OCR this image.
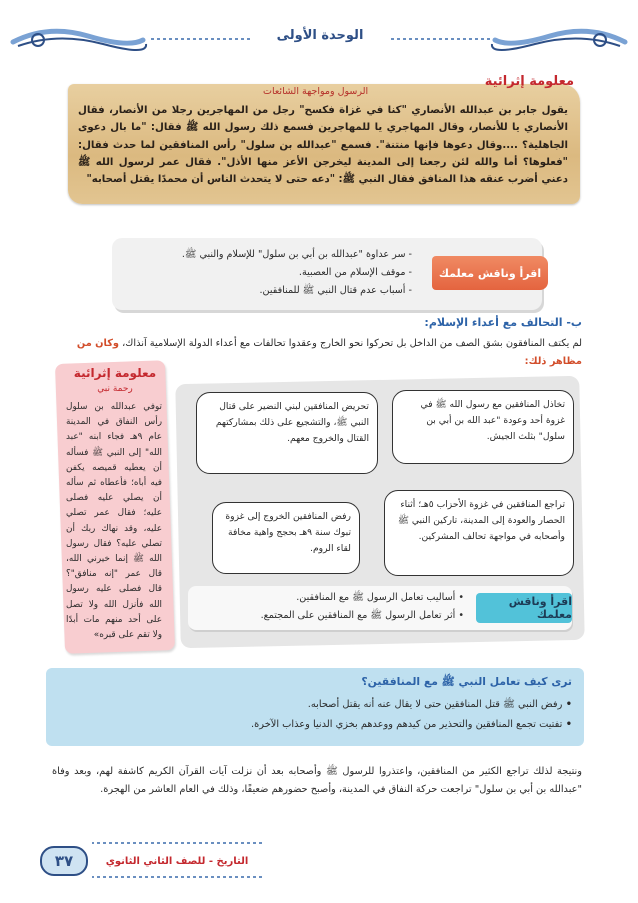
الوحدة الأولى
معلومة إثرائية
الرسول ومواجهة الشائعات
يقول جابر بن عبدالله الأنصاري "كنا في غزاة فكسح" رجل من المهاجرين رجلا من الأنصار، فقال الأنصاري يا للأنصار، وقال المهاجري يا للمهاجرين فسمع ذلك رسول الله ﷺ فقال: "ما بال دعوى الجاهلية؟ ....وقال دعوها فإنها منتنة". فسمع "عبدالله بن سلول" رأس المنافقين لما حدث فقال: "فعلوها؟ أما والله لئن رجعنا إلى المدينة ليخرجن الأعز منها الأذل". فقال عمر لرسول الله ﷺ دعني أضرب عنقه هذا المنافق فقال النبي ﷺ: "دعه حتى لا يتحدث الناس أن محمدًا يقتل أصحابه"
اقرأ وناقش معلمك
- سر عداوة "عبدالله بن أبي بن سلول" للإسلام والنبي ﷺ.
- موقف الإسلام من العصبية.
- أسباب عدم قتال النبي ﷺ للمنافقين.
ب- التحالف مع أعداء الإسلام:
لم يكتف المنافقون بشق الصف من الداخل بل تحركوا نحو الخارج وعقدوا تحالفات مع أعداء الدولة الإسلامية آنذاك، وكان من مظاهر ذلك:
معلومة إثرائية
رحمة نبي
توفي عبدالله بن سلول رأس النفاق في المدينة عام ٩هـ فجاء ابنه "عبد الله" إلى النبي ﷺ فسأله أن يعطيه قميصه يكفن فيه أباه؛ فأعطاه ثم سأله أن يصلي عليه فصلى عليه؛ فقال عمر تصلي عليه، وقد نهاك ربك أن تصلي عليه؟ فقال رسول الله ﷺ إنما خيرني الله، قال عمر "إنه منافق"؟ قال فصلى عليه رسول الله فأنزل الله ولا تصل على أحد منهم مات أبدًا ولا تقم على قبره»
تخاذل المنافقين مع رسول الله ﷺ في غزوة أحد وعودة "عبد الله بن أبي بن سلول" بثلث الجيش.
تحريض المنافقين لبني النضير على قتال النبي ﷺ، والتشجيع على ذلك بمشاركتهم القتال والخروج معهم.
تراجع المنافقين في غزوة الأحزاب ٥هـ؛ أثناء الحصار والعودة إلى المدينة، تاركين النبي ﷺ وأصحابه في مواجهة تحالف المشركين.
رفض المنافقين الخروج إلى غزوة تبوك سنة ٩هـ بحجج واهية مخافة لقاء الروم.
اقرأ وناقش معلمك
• أساليب تعامل الرسول ﷺ مع المنافقين.
• أثر تعامل الرسول ﷺ مع المنافقين على المجتمع.
ترى كيف تعامل النبي ﷺ مع المنافقين؟
• رفض النبي ﷺ قتل المنافقين حتى لا يقال عنه أنه يقتل أصحابه.
• تفتيت تجمع المنافقين والتحذير من كيدهم ووعدهم بخزي الدنيا وعذاب الآخرة.
ونتيجة لذلك تراجع الكثير من المنافقين، واعتذروا للرسول ﷺ وأصحابه بعد أن نزلت آيات القرآن الكريم كاشفة لهم، وبعد وفاة "عبدالله بن أبي بن سلول" تراجعت حركة النفاق في المدينة، وأصبح حضورهم ضعيفًا، وذلك في العام العاشر من الهجرة.
التاريخ - للصف الثاني الثانوي
٣٧
